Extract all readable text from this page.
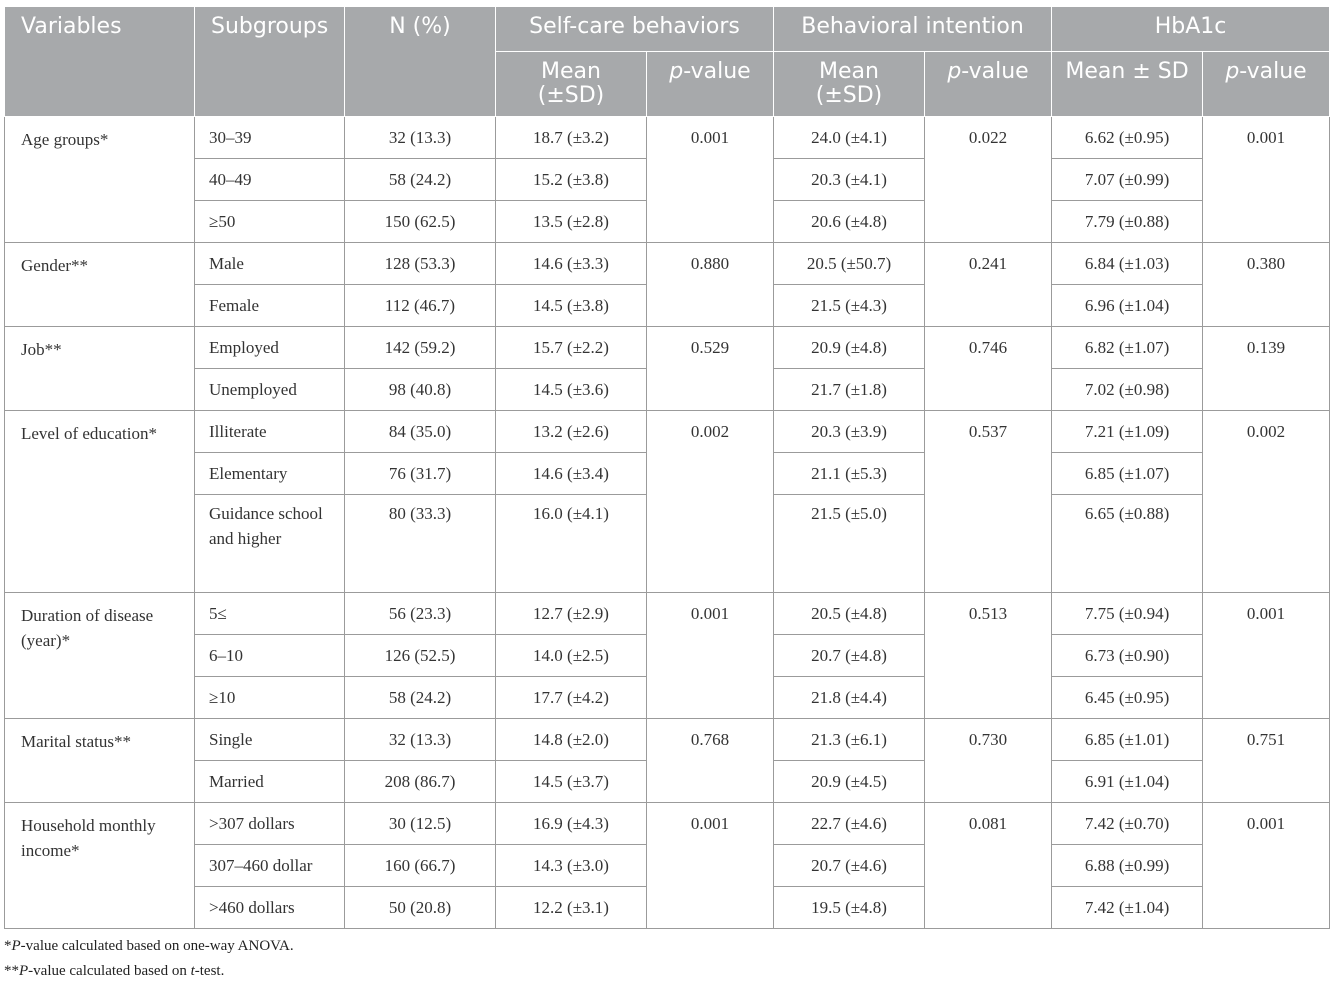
Variables	Subgroups	N (%)	Self-care behaviors		Behavioral intention		HbA1c	
			Mean (±SD)	p-value	Mean (±SD)	p-value	Mean ± SD	p-value
Age groups*	30–39	32 (13.3)	18.7 (±3.2)	0.001	24.0 (±4.1)	0.022	6.62 (±0.95)	0.001
	40–49	58 (24.2)	15.2 (±3.8)		20.3 (±4.1)		7.07 (±0.99)	
	≥50	150 (62.5)	13.5 (±2.8)		20.6 (±4.8)		7.79 (±0.88)	
Gender**	Male	128 (53.3)	14.6 (±3.3)	0.880	20.5 (±50.7)	0.241	6.84 (±1.03)	0.380
	Female	112 (46.7)	14.5 (±3.8)		21.5 (±4.3)		6.96 (±1.04)	
Job**	Employed	142 (59.2)	15.7 (±2.2)	0.529	20.9 (±4.8)	0.746	6.82 (±1.07)	0.139
	Unemployed	98 (40.8)	14.5 (±3.6)		21.7 (±1.8)		7.02 (±0.98)	
Level of education*	Illiterate	84 (35.0)	13.2 (±2.6)	0.002	20.3 (±3.9)	0.537	7.21 (±1.09)	0.002
	Elementary	76 (31.7)	14.6 (±3.4)		21.1 (±5.3)		6.85 (±1.07)	
	Guidance school and higher	80 (33.3)	16.0 (±4.1)		21.5 (±5.0)		6.65 (±0.88)	
Duration of disease (year)*	5≤	56 (23.3)	12.7 (±2.9)	0.001	20.5 (±4.8)	0.513	7.75 (±0.94)	0.001
	6–10	126 (52.5)	14.0 (±2.5)		20.7 (±4.8)		6.73 (±0.90)	
	≥10	58 (24.2)	17.7 (±4.2)		21.8 (±4.4)		6.45 (±0.95)	
Marital status**	Single	32 (13.3)	14.8 (±2.0)	0.768	21.3 (±6.1)	0.730	6.85 (±1.01)	0.751
	Married	208 (86.7)	14.5 (±3.7)		20.9 (±4.5)		6.91 (±1.04)	
Household monthly income*	>307 dollars	30 (12.5)	16.9 (±4.3)	0.001	22.7 (±4.6)	0.081	7.42 (±0.70)	0.001
	307–460 dollar	160 (66.7)	14.3 (±3.0)		20.7 (±4.6)		6.88 (±0.99)	
	>460 dollars	50 (20.8)	12.2 (±3.1)		19.5 (±4.8)		7.42 (±1.04)	
*P-value calculated based on one-way ANOVA.
**P-value calculated based on t-test.
